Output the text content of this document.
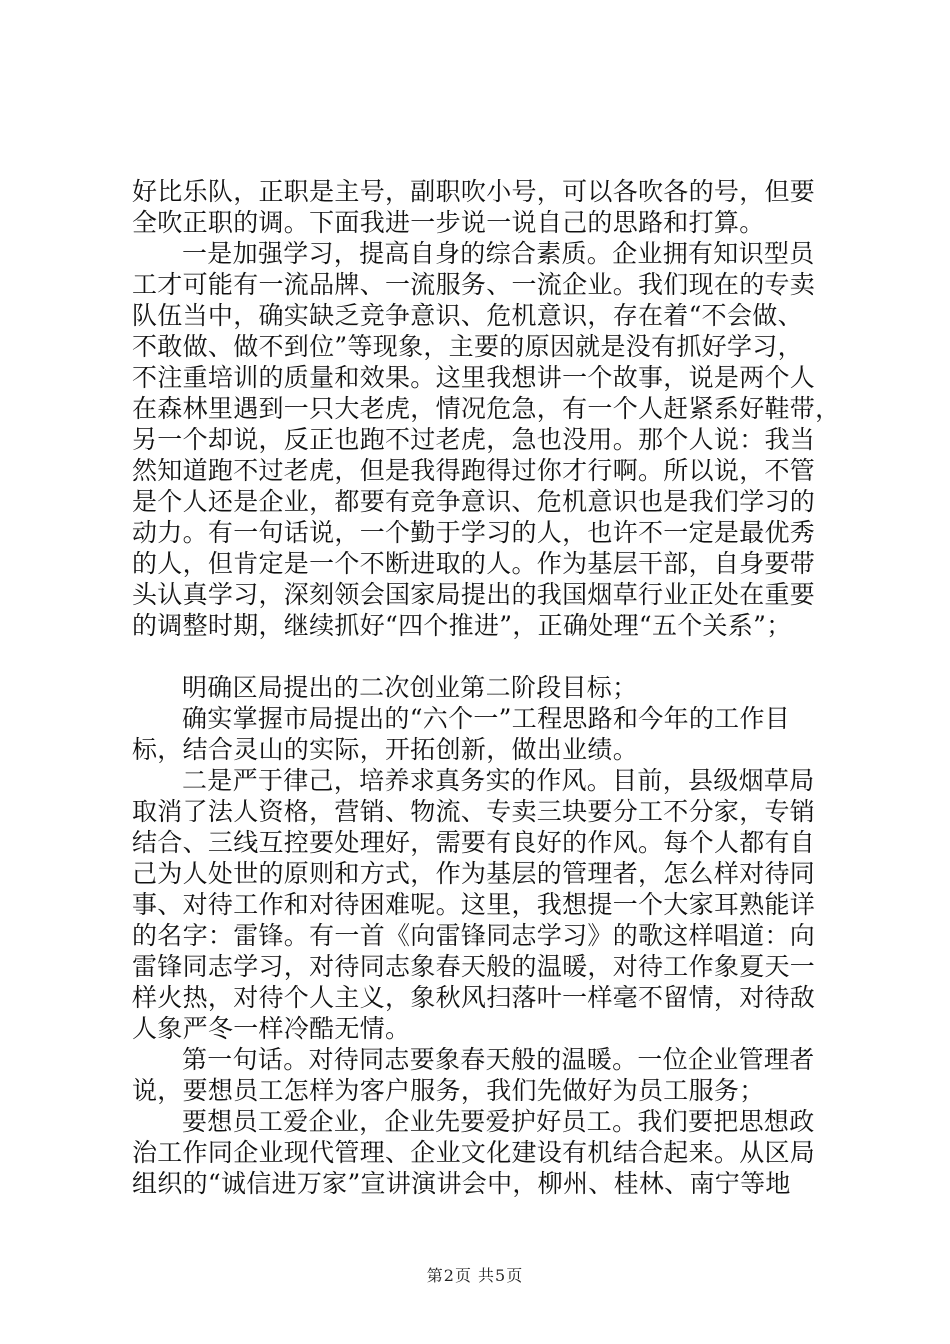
好比乐队，正职是主号，副职吹小号，可以各吹各的号，但要
全吹正职的调。下面我进一步说一说自己的思路和打算。
一是加强学习，提高自身的综合素质。企业拥有知识型员
工才可能有一流品牌、一流服务、一流企业。我们现在的专卖
队伍当中，确实缺乏竞争意识、危机意识，存在着“不会做、
不敢做、做不到位”等现象，主要的原因就是没有抓好学习，
不注重培训的质量和效果。这里我想讲一个故事，说是两个人
在森林里遇到一只大老虎，情况危急，有一个人赶紧系好鞋带，
另一个却说，反正也跑不过老虎，急也没用。那个人说：我当
然知道跑不过老虎，但是我得跑得过你才行啊。所以说，不管
是个人还是企业，都要有竞争意识、危机意识也是我们学习的
动力。有一句话说，一个勤于学习的人，也许不一定是最优秀
的人，但肯定是一个不断进取的人。作为基层干部，自身要带
头认真学习，深刻领会国家局提出的我国烟草行业正处在重要
的调整时期，继续抓好“四个推进”，正确处理“五个关系”；
明确区局提出的二次创业第二阶段目标；
确实掌握市局提出的“六个一”工程思路和今年的工作目
标，结合灵山的实际，开拓创新，做出业绩。
二是严于律己，培养求真务实的作风。目前，县级烟草局
取消了法人资格，营销、物流、专卖三块要分工不分家，专销
结合、三线互控要处理好，需要有良好的作风。每个人都有自
己为人处世的原则和方式，作为基层的管理者，怎么样对待同
事、对待工作和对待困难呢。这里，我想提一个大家耳熟能详
的名字：雷锋。有一首《向雷锋同志学习》的歌这样唱道：向
雷锋同志学习，对待同志象春天般的温暖，对待工作象夏天一
样火热，对待个人主义，象秋风扫落叶一样毫不留情，对待敌
人象严冬一样冷酷无情。
第一句话。对待同志要象春天般的温暖。一位企业管理者
说，要想员工怎样为客户服务，我们先做好为员工服务；
要想员工爱企业，企业先要爱护好员工。我们要把思想政
治工作同企业现代管理、企业文化建设有机结合起来。从区局
组织的“诚信进万家”宣讲演讲会中，柳州、桂林、南宁等地
第2页 共5页
